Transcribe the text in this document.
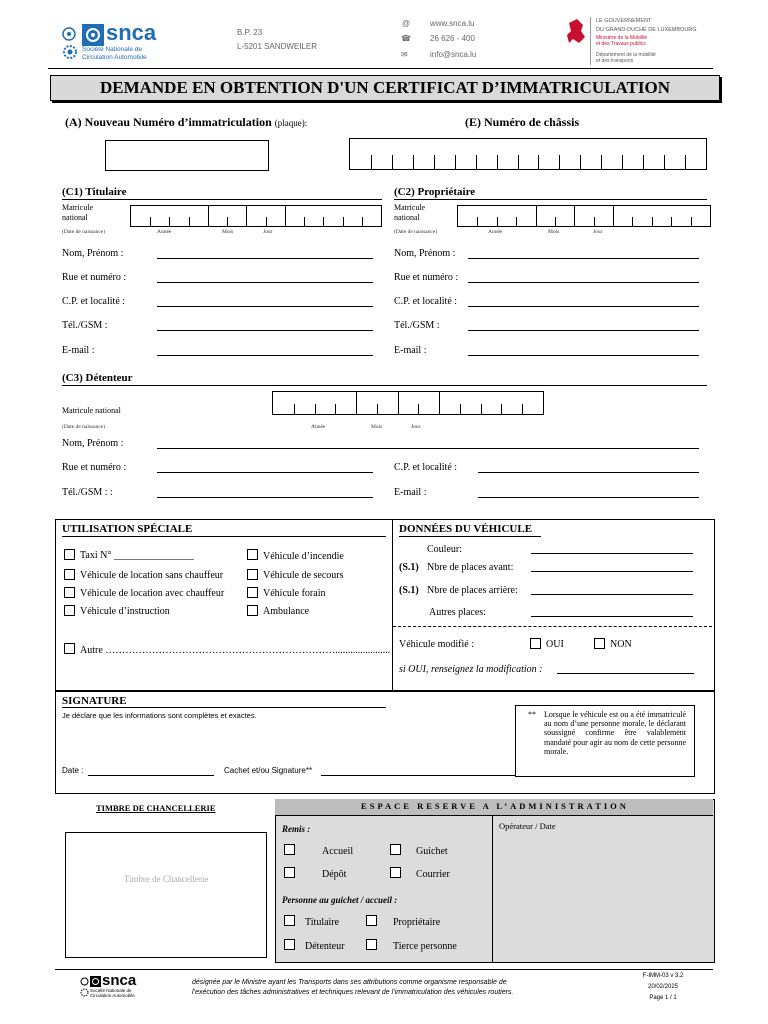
snca
Société Nationale de
Circulation Automobile
B.P. 23
L-5201 SANDWEILER
@ www.snca.lu
☎ 26 626 - 400
✉	info@snca.lu
LE GOUVERNEMENT
DU GRAND-DUCHÉ DE LUXEMBOURG
Ministère de la Mobilité
et des Travaux publics
Département de la mobilité
et des transports
DEMANDE EN OBTENTION D'UN CERTIFICAT D’IMMATRICULATION
(A) Nouveau Numéro d’immatriculation (plaque):	(E) Numéro de châssis
(C1) Titulaire	(C2) Propriétaire
Matricule
national
(Date de naissance)	Année	Mois	Jour
Matricule
national
(Date de naissance)	Année	Mois	Jour
Nom, Prénom :
Rue et numéro :
C.P. et localité :
Tél./GSM :
E-mail :
Nom, Prénom :
Rue et numéro :
C.P. et localité :
Tél./GSM :
E-mail :
(C3) Détenteur
Matricule national
(Date de naissance)	Année	Mois	Jour
Nom, Prénom :
Rue et numéro :	C.P. et localité :
Tél./GSM : :	E-mail :
UTILISATION SPÉCIALE
Taxi N° ________________
Véhicule de location sans chauffeur
Véhicule de location avec chauffeur
Véhicule d’instruction
Véhicule d’incendie
Véhicule de secours
Véhicule forain
Ambulance
Autre ……………………………………………………………......................
DONNÉES DU VÉHICULE
Couleur:
(S.1) Nbre de places avant:
(S.1) Nbre de places arrière:
Autres places:
Véhicule modifié :	OUI	NON
si OUI, renseignez la modification :
SIGNATURE
Je déclare que les informations sont complètes et exactes.
Date :	Cachet et/ou Signature**
** Lorsque le véhicule est ou a été immatriculé au nom d’une personne morale, le déclarant soussigné confirme être valablement mandaté pour agir au nom de cette personne morale.
TIMBRE DE CHANCELLERIE
Timbre de Chancellerie
ESPACE RESERVE A L’ADMINISTRATION
Remis :
Accueil	Guichet
Dépôt	Courrier
Personne au guichet / accueil :
Titulaire	Propriétaire
Détenteur	Tierce personne
Opérateur / Date
snca
Société Nationale de
Circulation Automobile
désignée par le Ministre ayant les Transports dans ses attributions comme organisme responsable de
l’exécution des tâches administratives et techniques relevant de l’immatriculation des véhicules routiers.
F-IMM-03 v 3.2
20/02/2025
Page 1 / 1
